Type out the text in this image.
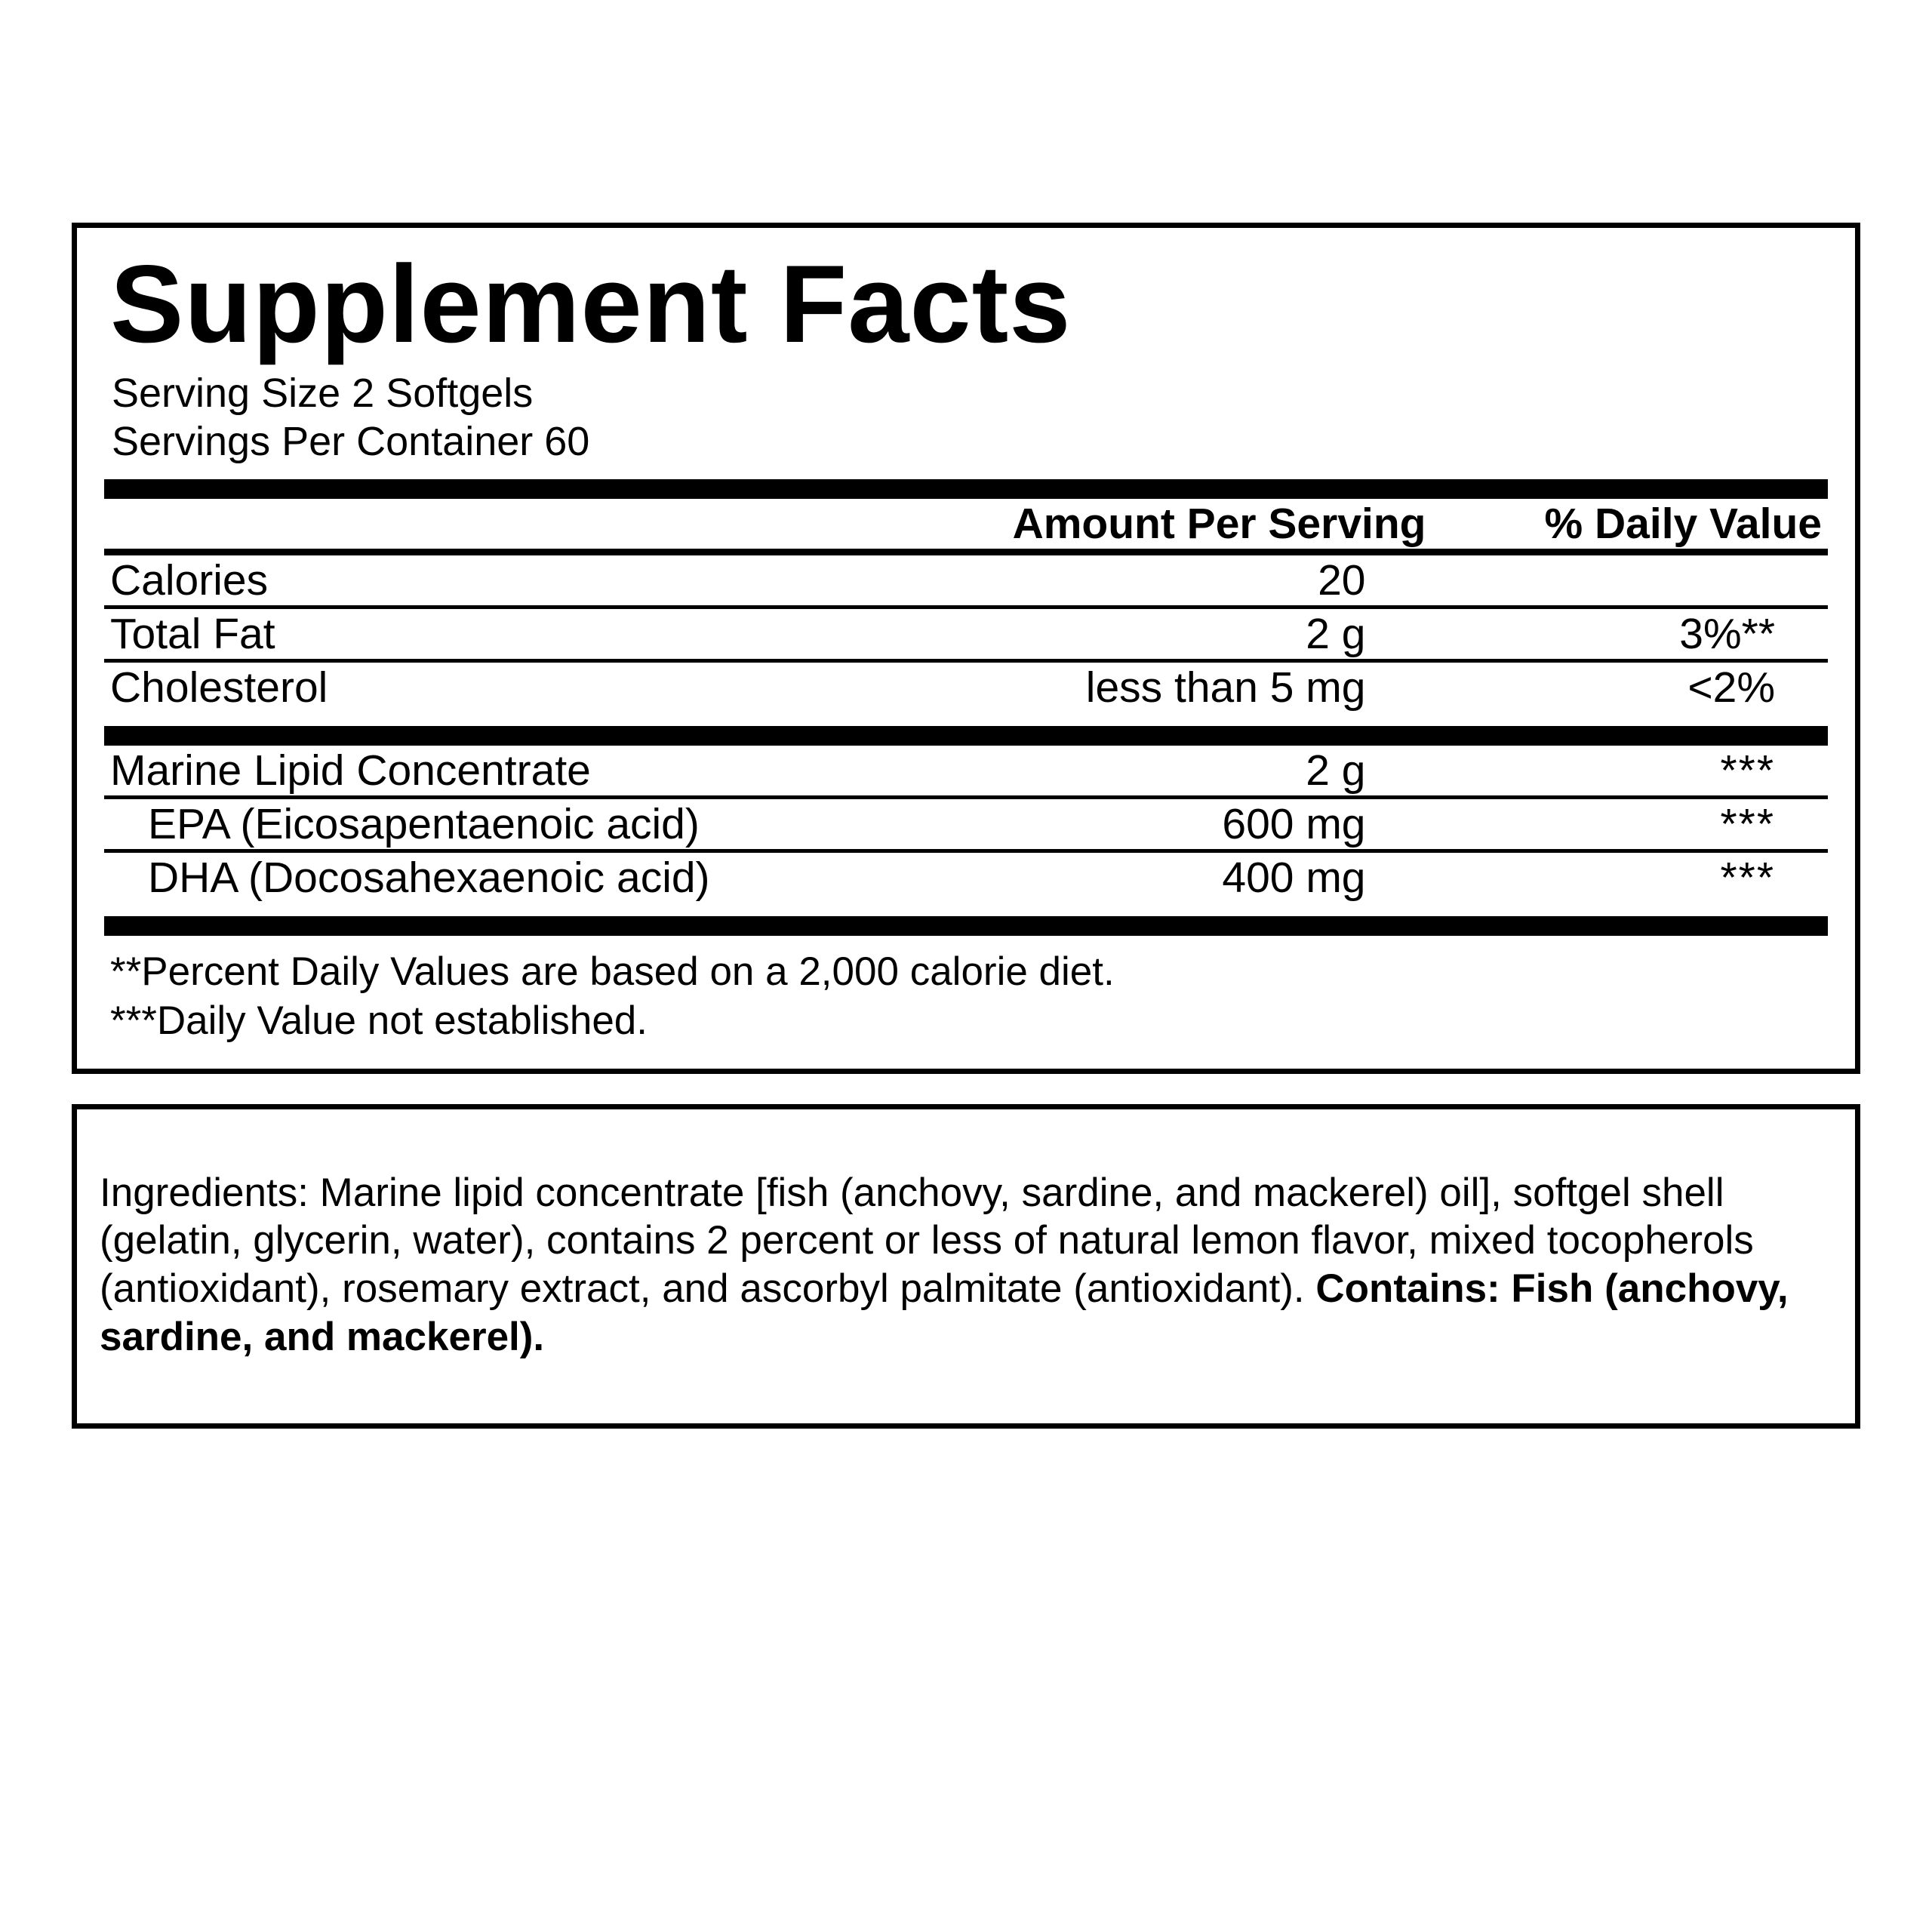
Supplement Facts
Serving Size 2 Softgels
Servings Per Container 60
	Amount Per Serving	% Daily Value
Calories	20	

Total Fat	2 g	3%**

Cholesterol	less than 5 mg	<2%
Marine Lipid Concentrate	2 g	***

EPA (Eicosapentaenoic acid)	600 mg	***

DHA (Docosahexaenoic acid)	400 mg	***
**Percent Daily Values are based on a 2,000 calorie diet.
***Daily Value not established.

Ingredients: Marine lipid concentrate [fish (anchovy, sardine, and mackerel) oil], softgel shell (gelatin, glycerin, water), contains 2 percent or less of natural lemon flavor, mixed tocopherols (antioxidant), rosemary extract, and ascorbyl palmitate (antioxidant). Contains: Fish (anchovy, sardine, and mackerel).
